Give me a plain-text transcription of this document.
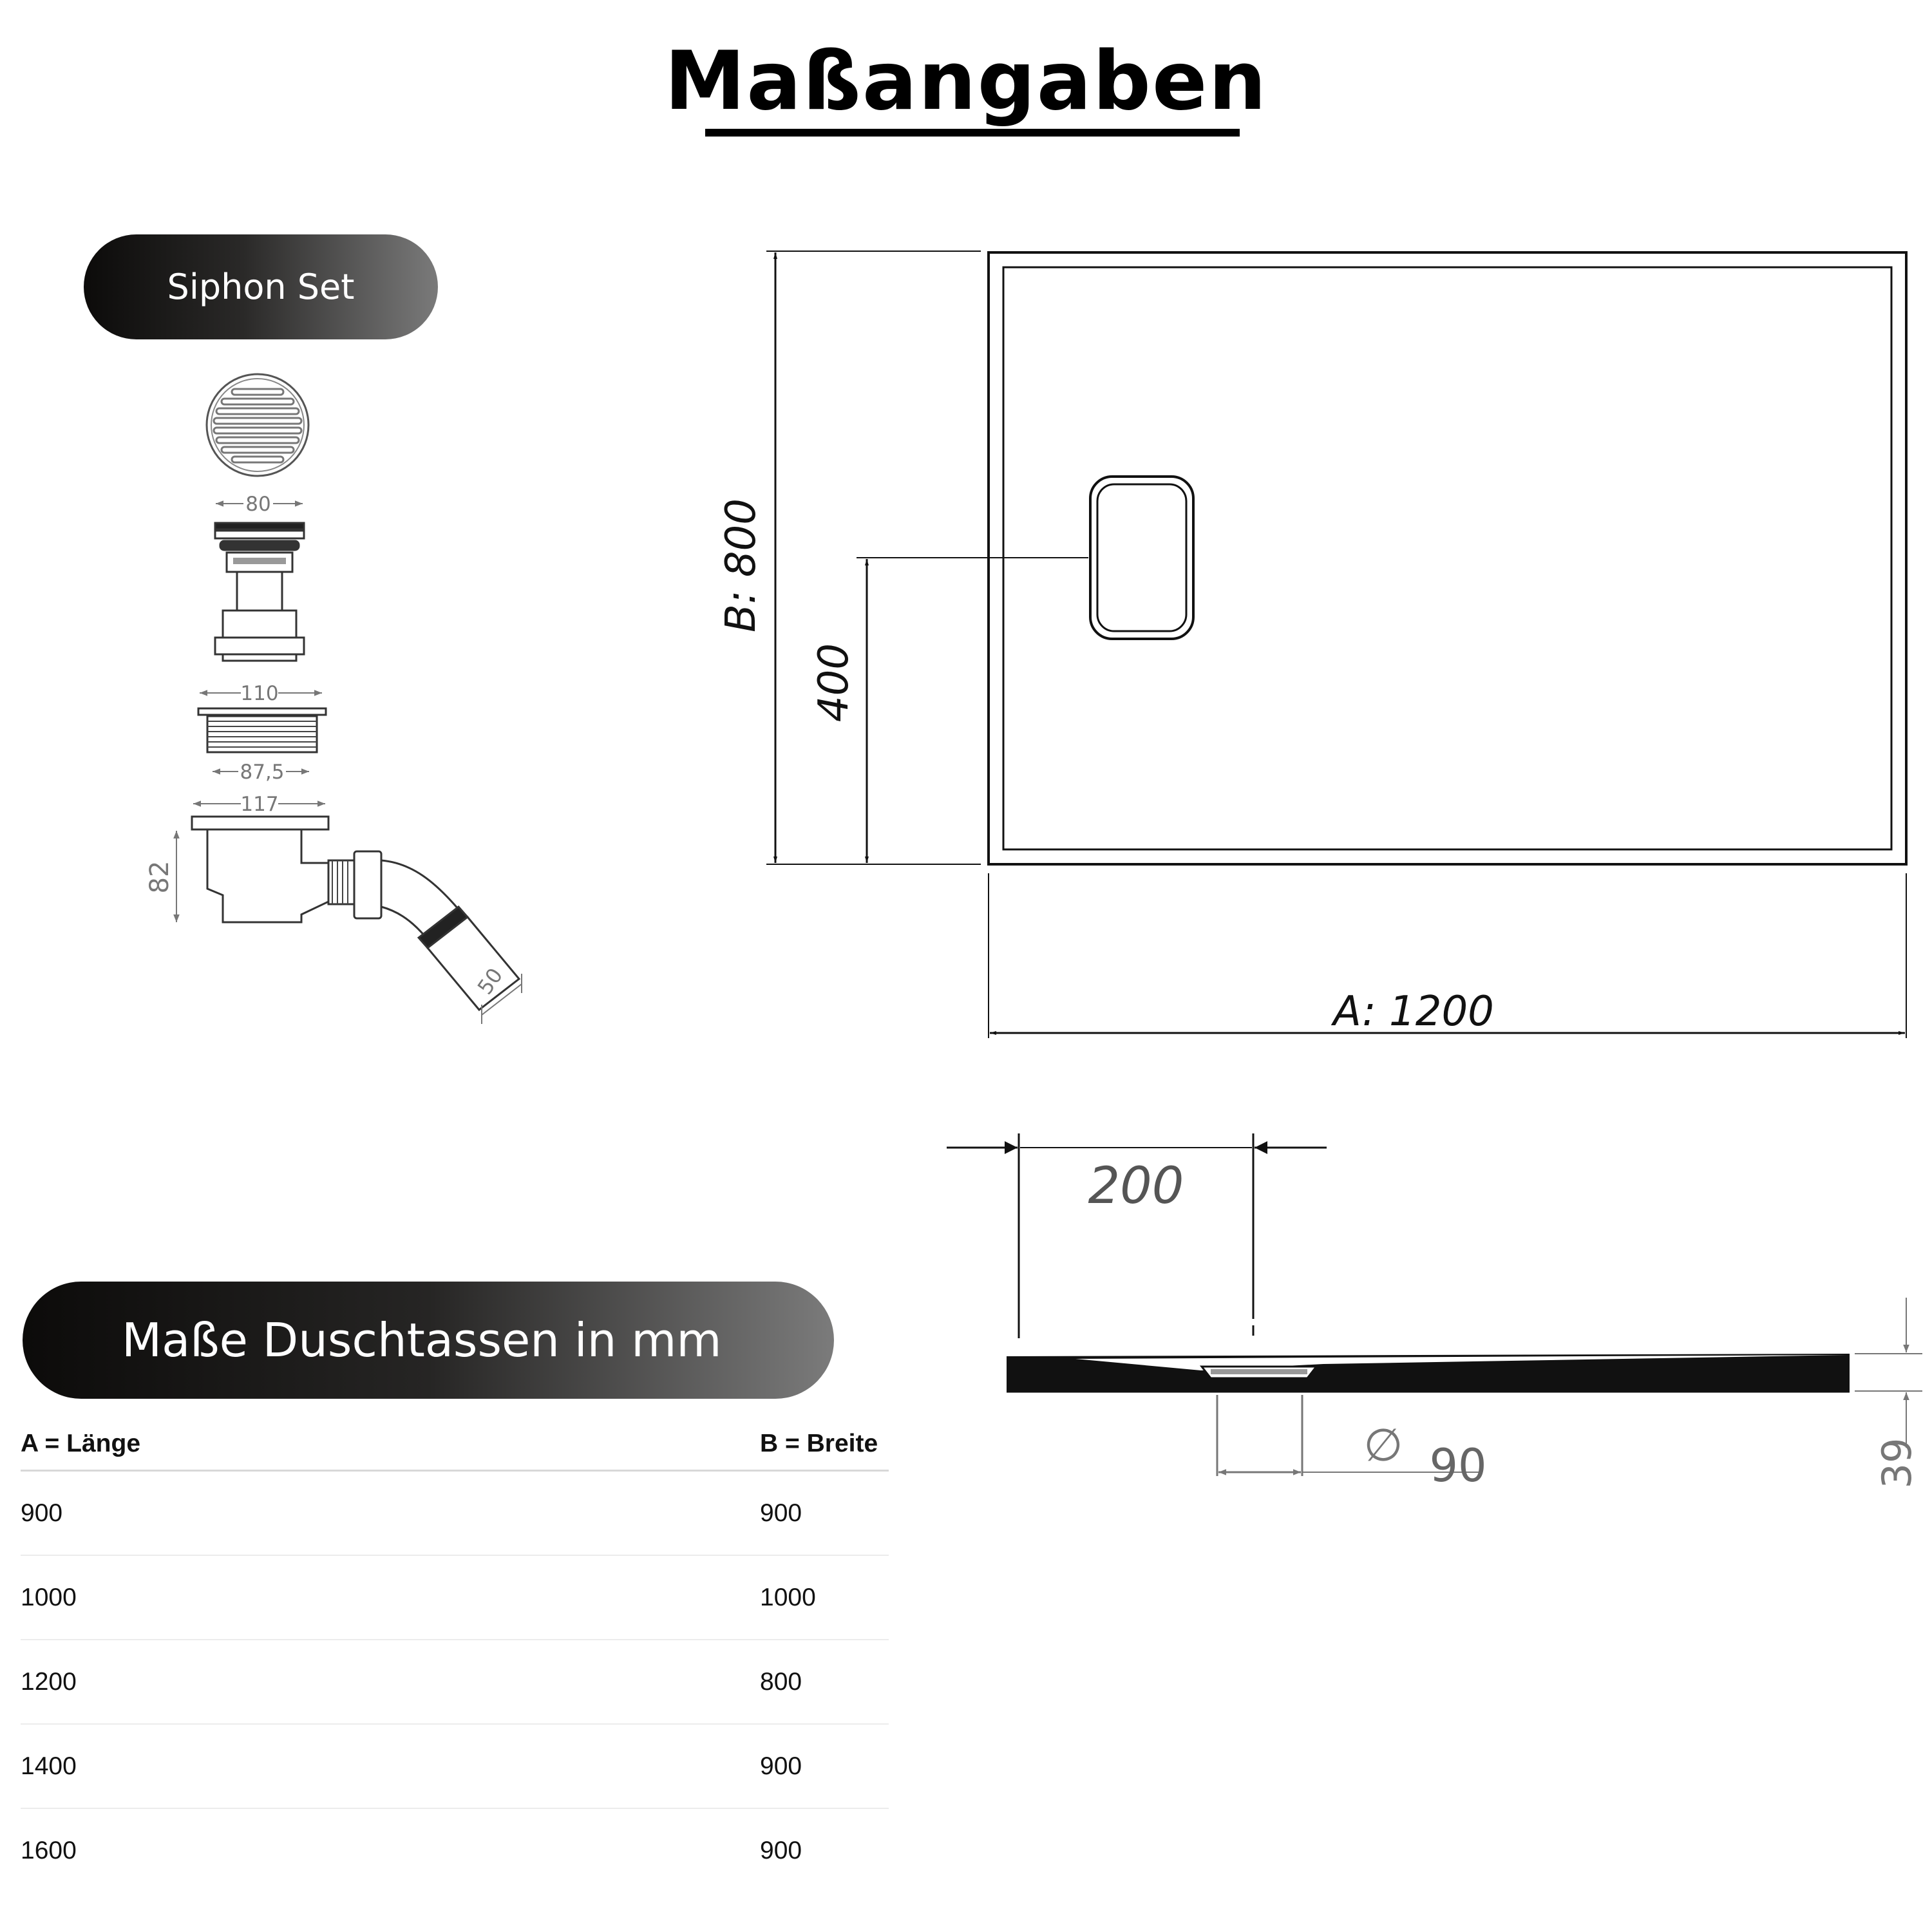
Maßangaben
Siphon Set
Maße Duschtassen in mm
A = Länge	B = Breite
900	900
1000	1000
1200	800
1400	900
1600	900
80
110
87,5
117
82
50
B: 800
400
A: 1200
200
∅ 90	39
